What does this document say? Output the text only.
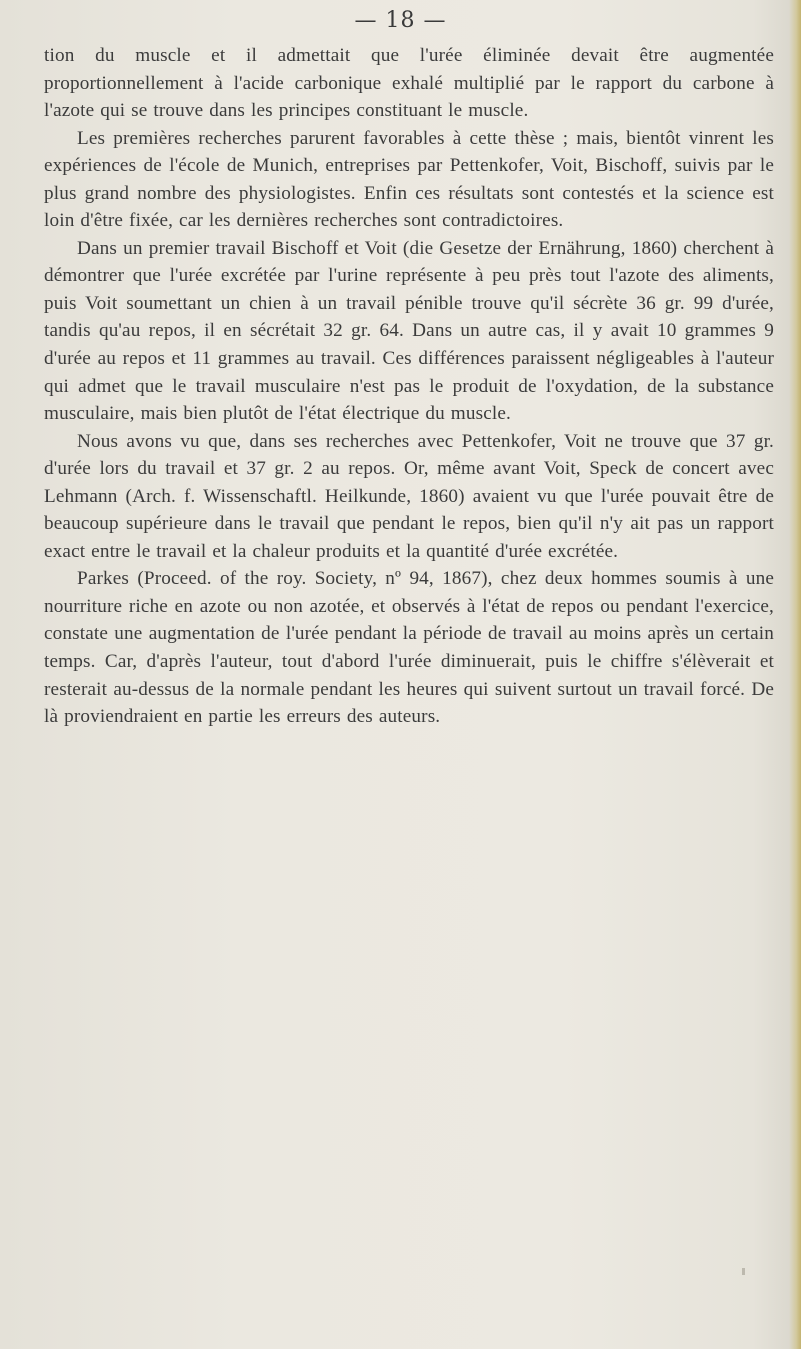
— 18 —

tion du muscle et il admettait que l'urée éliminée devait être augmentée proportionnellement à l'acide carbonique exhalé multiplié par le rapport du carbone à l'azote qui se trouve dans les principes constituant le muscle.

Les premières recherches parurent favorables à cette thèse ; mais, bientôt vinrent les expériences de l'école de Munich, entreprises par Pettenkofer, Voit, Bischoff, suivis par le plus grand nombre des physiologistes. Enfin ces résultats sont contestés et la science est loin d'être fixée, car les dernières recherches sont contradictoires.

Dans un premier travail Bischoff et Voit (die Gesetze der Ernährung, 1860) cherchent à démontrer que l'urée excrétée par l'urine représente à peu près tout l'azote des aliments, puis Voit soumettant un chien à un travail pénible trouve qu'il sécrète 36 gr. 99 d'urée, tandis qu'au repos, il en sécrétait 32 gr. 64. Dans un autre cas, il y avait 10 grammes 9 d'urée au repos et 11 grammes au travail. Ces différences paraissent négligeables à l'auteur qui admet que le travail musculaire n'est pas le produit de l'oxydation, de la substance musculaire, mais bien plutôt de l'état électrique du muscle.

Nous avons vu que, dans ses recherches avec Pettenkofer, Voit ne trouve que 37 gr. d'urée lors du travail et 37 gr. 2 au repos. Or, même avant Voit, Speck de concert avec Lehmann (Arch. f. Wissenschaftl. Heilkunde, 1860) avaient vu que l'urée pouvait être de beaucoup supérieure dans le travail que pendant le repos, bien qu'il n'y ait pas un rapport exact entre le travail et la chaleur produits et la quantité d'urée excrétée.

Parkes (Proceed. of the roy. Society, nº 94, 1867), chez deux hommes soumis à une nourriture riche en azote ou non azotée, et observés à l'état de repos ou pendant l'exercice, constate une augmentation de l'urée pendant la période de travail au moins après un certain temps. Car, d'après l'auteur, tout d'abord l'urée diminuerait, puis le chiffre s'élèverait et resterait au-dessus de la normale pendant les heures qui suivent surtout un travail forcé. De là proviendraient en partie les erreurs des auteurs.
